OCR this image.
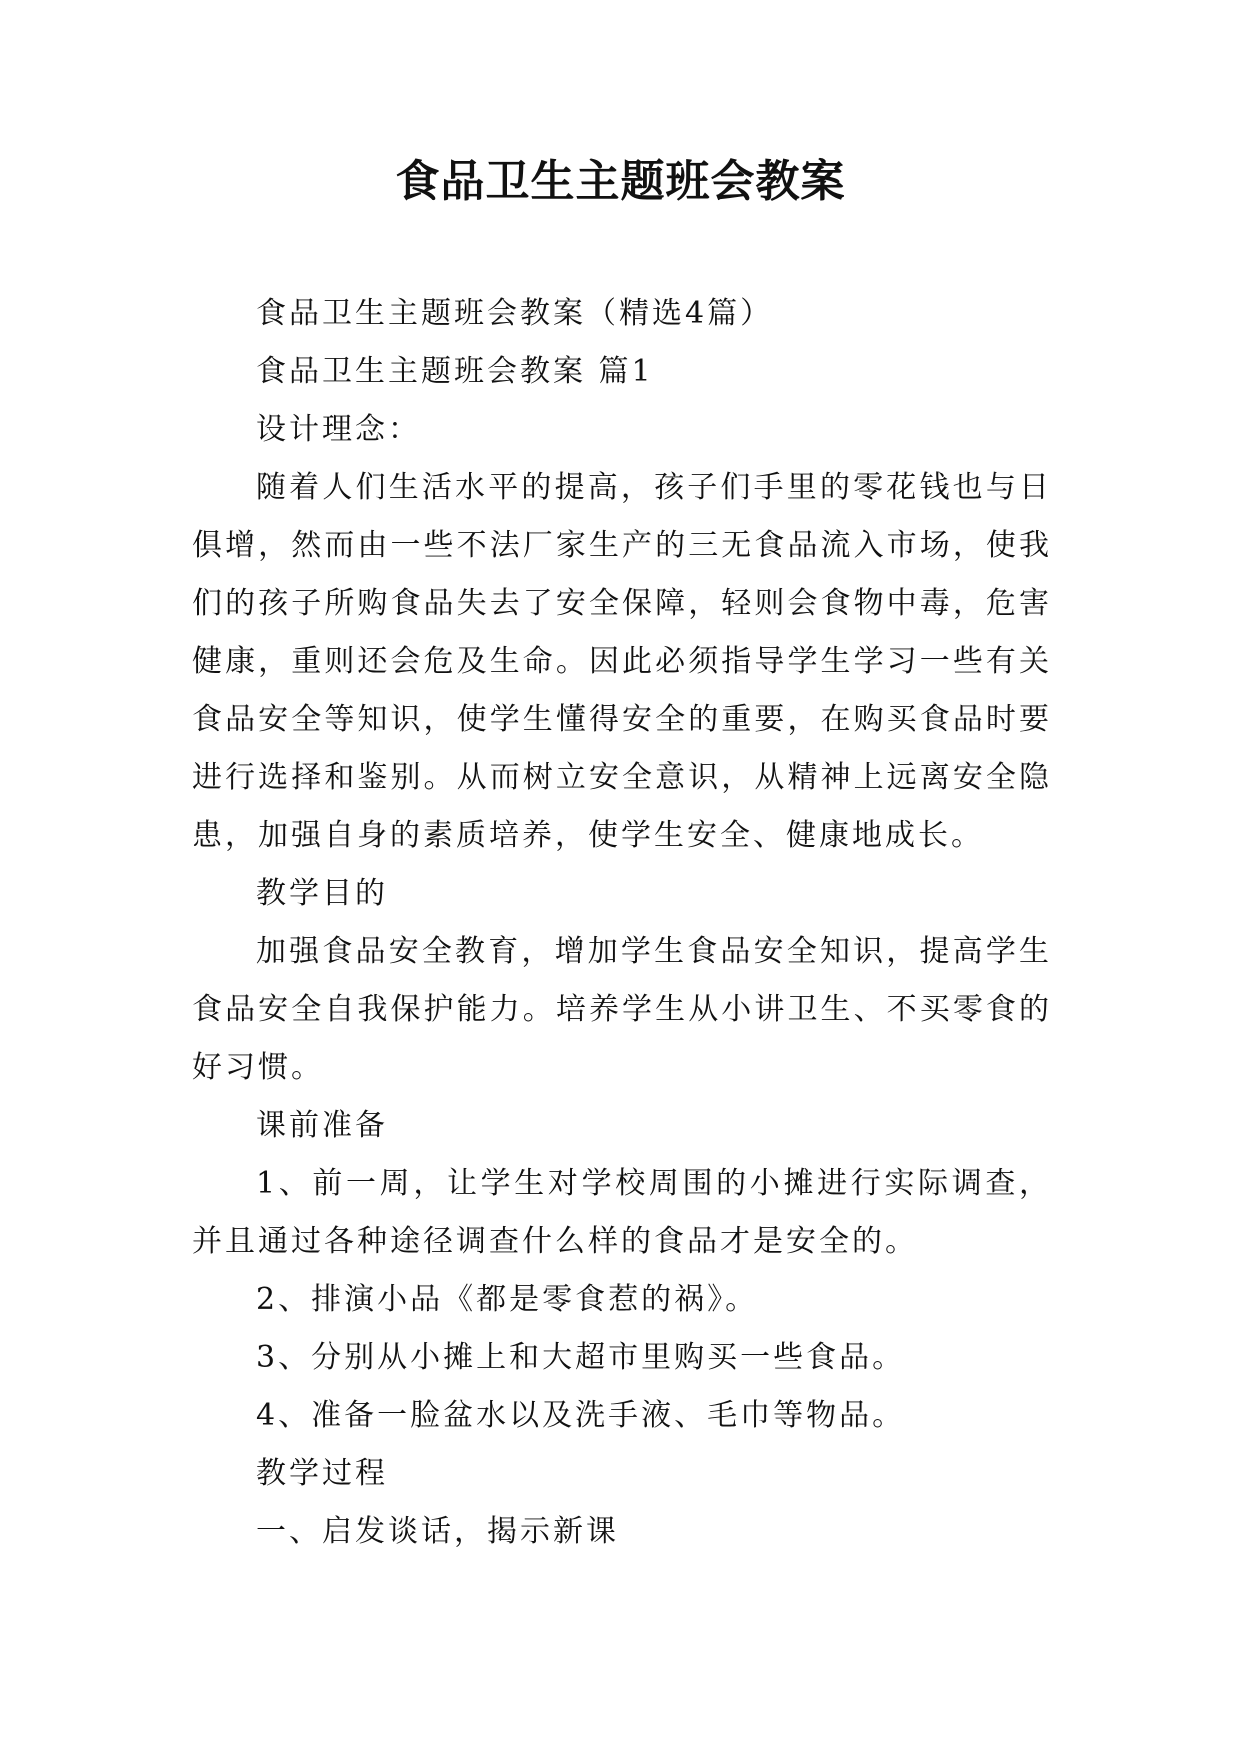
食品卫生主题班会教案

食品卫生主题班会教案（精选4篇）

食品卫生主题班会教案 篇1

设计理念：

随着人们生活水平的提高，孩子们手里的零花钱也与日俱增，然而由一些不法厂家生产的三无食品流入市场，使我们的孩子所购食品失去了安全保障，轻则会食物中毒，危害健康，重则还会危及生命。因此必须指导学生学习一些有关食品安全等知识，使学生懂得安全的重要，在购买食品时要进行选择和鉴别。从而树立安全意识，从精神上远离安全隐患，加强自身的素质培养，使学生安全、健康地成长。

教学目的

加强食品安全教育，增加学生食品安全知识，提高学生食品安全自我保护能力。培养学生从小讲卫生、不买零食的好习惯。

课前准备

1、前一周，让学生对学校周围的小摊进行实际调查，并且通过各种途径调查什么样的食品才是安全的。

2、排演小品《都是零食惹的祸》。

3、分别从小摊上和大超市里购买一些食品。

4、准备一脸盆水以及洗手液、毛巾等物品。

教学过程

一、启发谈话，揭示新课
